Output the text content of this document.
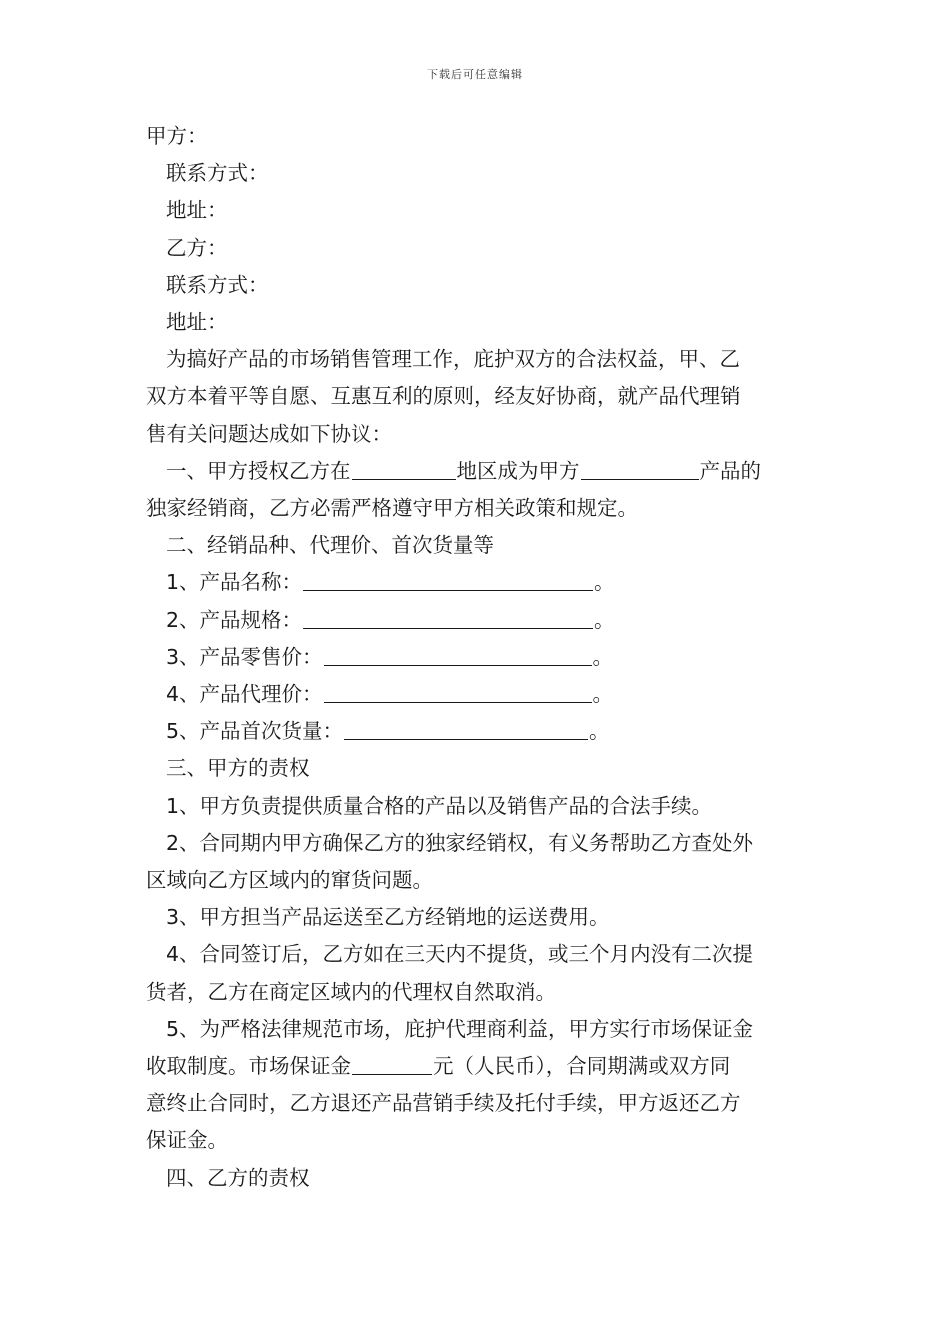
下载后可任意编辑

甲方：

联系方式：

地址：

乙方：

联系方式：

地址：

为搞好产品的市场销售管理工作，庇护双方的合法权益，甲、乙

双方本着平等自愿、互惠互利的原则，经友好协商，就产品代理销

售有关问题达成如下协议：

一、甲方授权乙方在	地区成为甲方	产品的

独家经销商，乙方必需严格遵守甲方相关政策和规定。

二、经销品种、代理价、首次货量等

1、产品名称：	。

2、产品规格：	。

3、产品零售价：	。

4、产品代理价：	。

5、产品首次货量：	。

三、甲方的责权

1、甲方负责提供质量合格的产品以及销售产品的合法手续。

2、合同期内甲方确保乙方的独家经销权，有义务帮助乙方查处外

区域向乙方区域内的窜货问题。

3、甲方担当产品运送至乙方经销地的运送费用。

4、合同签订后，乙方如在三天内不提货，或三个月内没有二次提

货者，乙方在商定区域内的代理权自然取消。

5、为严格法律规范市场，庇护代理商利益，甲方实行市场保证金

收取制度。市场保证金	元（人民币），合同期满或双方同

意终止合同时，乙方退还产品营销手续及托付手续，甲方返还乙方

保证金。

四、乙方的责权
